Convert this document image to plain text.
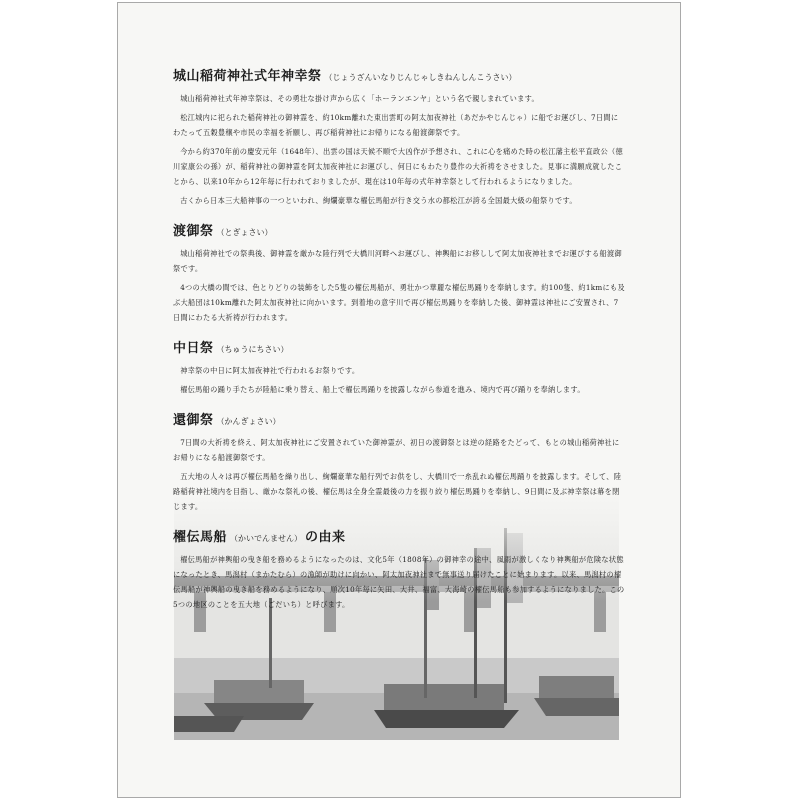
城山稲荷神社式年神幸祭 （じょうざんいなりじんじゃしきねんしんこうさい）

城山稲荷神社式年神幸祭は、その勇壮な掛け声から広く「ホーランエンヤ」という名で親しまれています。

松江城内に祀られた稲荷神社の御神霊を、約10km離れた東出雲町の阿太加夜神社（あだかやじんじゃ）に船でお運びし、7日間にわたって五穀豊穣や市民の幸福を祈願し、再び稲荷神社にお帰りになる船渡御祭です。

今から約370年前の慶安元年（1648年）、出雲の国は天候不順で大凶作が予想され、これに心を痛めた時の松江藩主松平直政公（徳川家康公の孫）が、稲荷神社の御神霊を阿太加夜神社にお運びし、何日にもわたり豊作の大祈祷をさせました。見事に満願成就したことから、以来10年から12年毎に行われておりましたが、現在は10年毎の式年神幸祭として行われるようになりました。

古くから日本三大船神事の一つといわれ、絢爛豪華な櫂伝馬船が行き交う水の都松江が誇る全国最大級の船祭りです。

渡御祭 （とぎょさい）

城山稲荷神社での祭典後、御神霊を厳かな陸行列で大橋川河畔へお運びし、神輿船にお移しして阿太加夜神社までお運びする船渡御祭です。

4つの大橋の間では、色とりどりの装飾をした5隻の櫂伝馬船が、勇壮かつ華麗な櫂伝馬踊りを奉納します。約100隻、約1kmにも及ぶ大船団は10km離れた阿太加夜神社に向かいます。到着地の意宇川で再び櫂伝馬踊りを奉納した後、御神霊は神社にご安置され、7日間にわたる大祈祷が行われます。

中日祭 （ちゅうにちさい）

神幸祭の中日に阿太加夜神社で行われるお祭りです。

櫂伝馬船の踊り手たちが陸船に乗り替え、船上で櫂伝馬踊りを披露しながら参道を進み、境内で再び踊りを奉納します。

還御祭 （かんぎょさい）

7日間の大祈祷を終え、阿太加夜神社にご安置されていた御神霊が、初日の渡御祭とは逆の経路をたどって、もとの城山稲荷神社にお帰りになる船渡御祭です。

五大地の人々は再び櫂伝馬船を繰り出し、絢爛豪華な船行列でお供をし、大橋川で一糸乱れぬ櫂伝馬踊りを披露します。そして、陸路稲荷神社境内を目指し、厳かな祭礼の後、櫂伝馬は全身全霊最後の力を振り絞り櫂伝馬踊りを奉納し、9日間に及ぶ神幸祭は幕を閉じます。

櫂伝馬船 （かいでんません） の由来

櫂伝馬船が神輿船の曳き船を務めるようになったのは、文化5年（1808年）の御神幸の途中、風雨が激しくなり神輿船が危険な状態になったとき、馬潟村（まかたむら）の漁師が助けに向かい、阿太加夜神社まで無事送り届けたことに始まります。以来、馬潟村の櫂伝馬船が神輿船の曳き船を務めるようになり、順次10年毎に矢田、大井、福富、大海崎の櫂伝馬船も参加するようになりました。この5つの地区のことを五大地（ごだいち）と呼びます。
